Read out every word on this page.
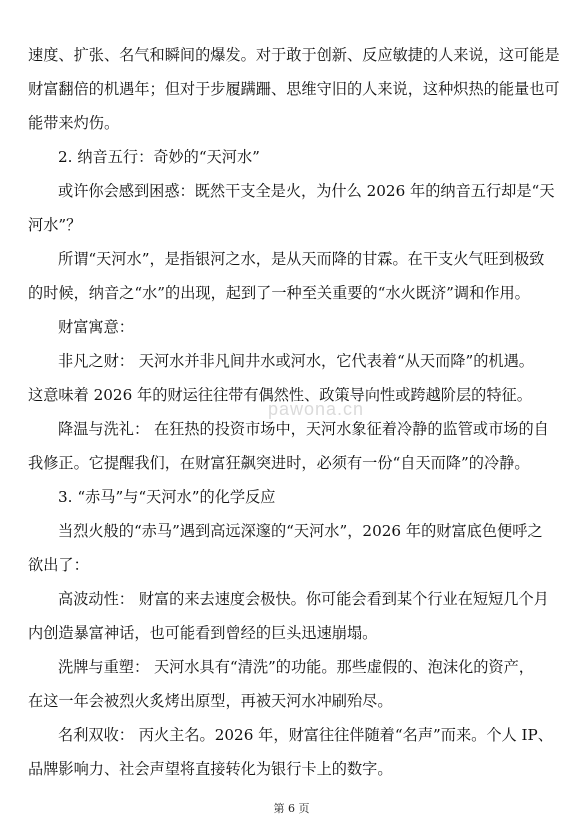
速度、扩张、名气和瞬间的爆发。对于敢于创新、反应敏捷的人来说，这可能是
财富翻倍的机遇年；但对于步履蹒跚、思维守旧的人来说，这种炽热的能量也可
能带来灼伤。
2. 纳音五行：奇妙的“天河水”
或许你会感到困惑：既然干支全是火，为什么 2026 年的纳音五行却是“天
河水”？
所谓“天河水”，是指银河之水，是从天而降的甘霖。在干支火气旺到极致
的时候，纳音之“水”的出现，起到了一种至关重要的“水火既济”调和作用。
财富寓意：
非凡之财： 天河水并非凡间井水或河水，它代表着“从天而降”的机遇。
这意味着 2026 年的财运往往带有偶然性、政策导向性或跨越阶层的特征。
降温与洗礼： 在狂热的投资市场中，天河水象征着冷静的监管或市场的自
我修正。它提醒我们，在财富狂飙突进时，必须有一份“自天而降”的冷静。
3. “赤马”与“天河水”的化学反应
当烈火般的“赤马”遇到高远深邃的“天河水”，2026 年的财富底色便呼之
欲出了：
高波动性： 财富的来去速度会极快。你可能会看到某个行业在短短几个月
内创造暴富神话，也可能看到曾经的巨头迅速崩塌。
洗牌与重塑： 天河水具有“清洗”的功能。那些虚假的、泡沫化的资产，
在这一年会被烈火炙烤出原型，再被天河水冲刷殆尽。
名利双收： 丙火主名。2026 年，财富往往伴随着“名声”而来。个人 IP、
品牌影响力、社会声望将直接转化为银行卡上的数字。
pawona.cn
第 6 页
